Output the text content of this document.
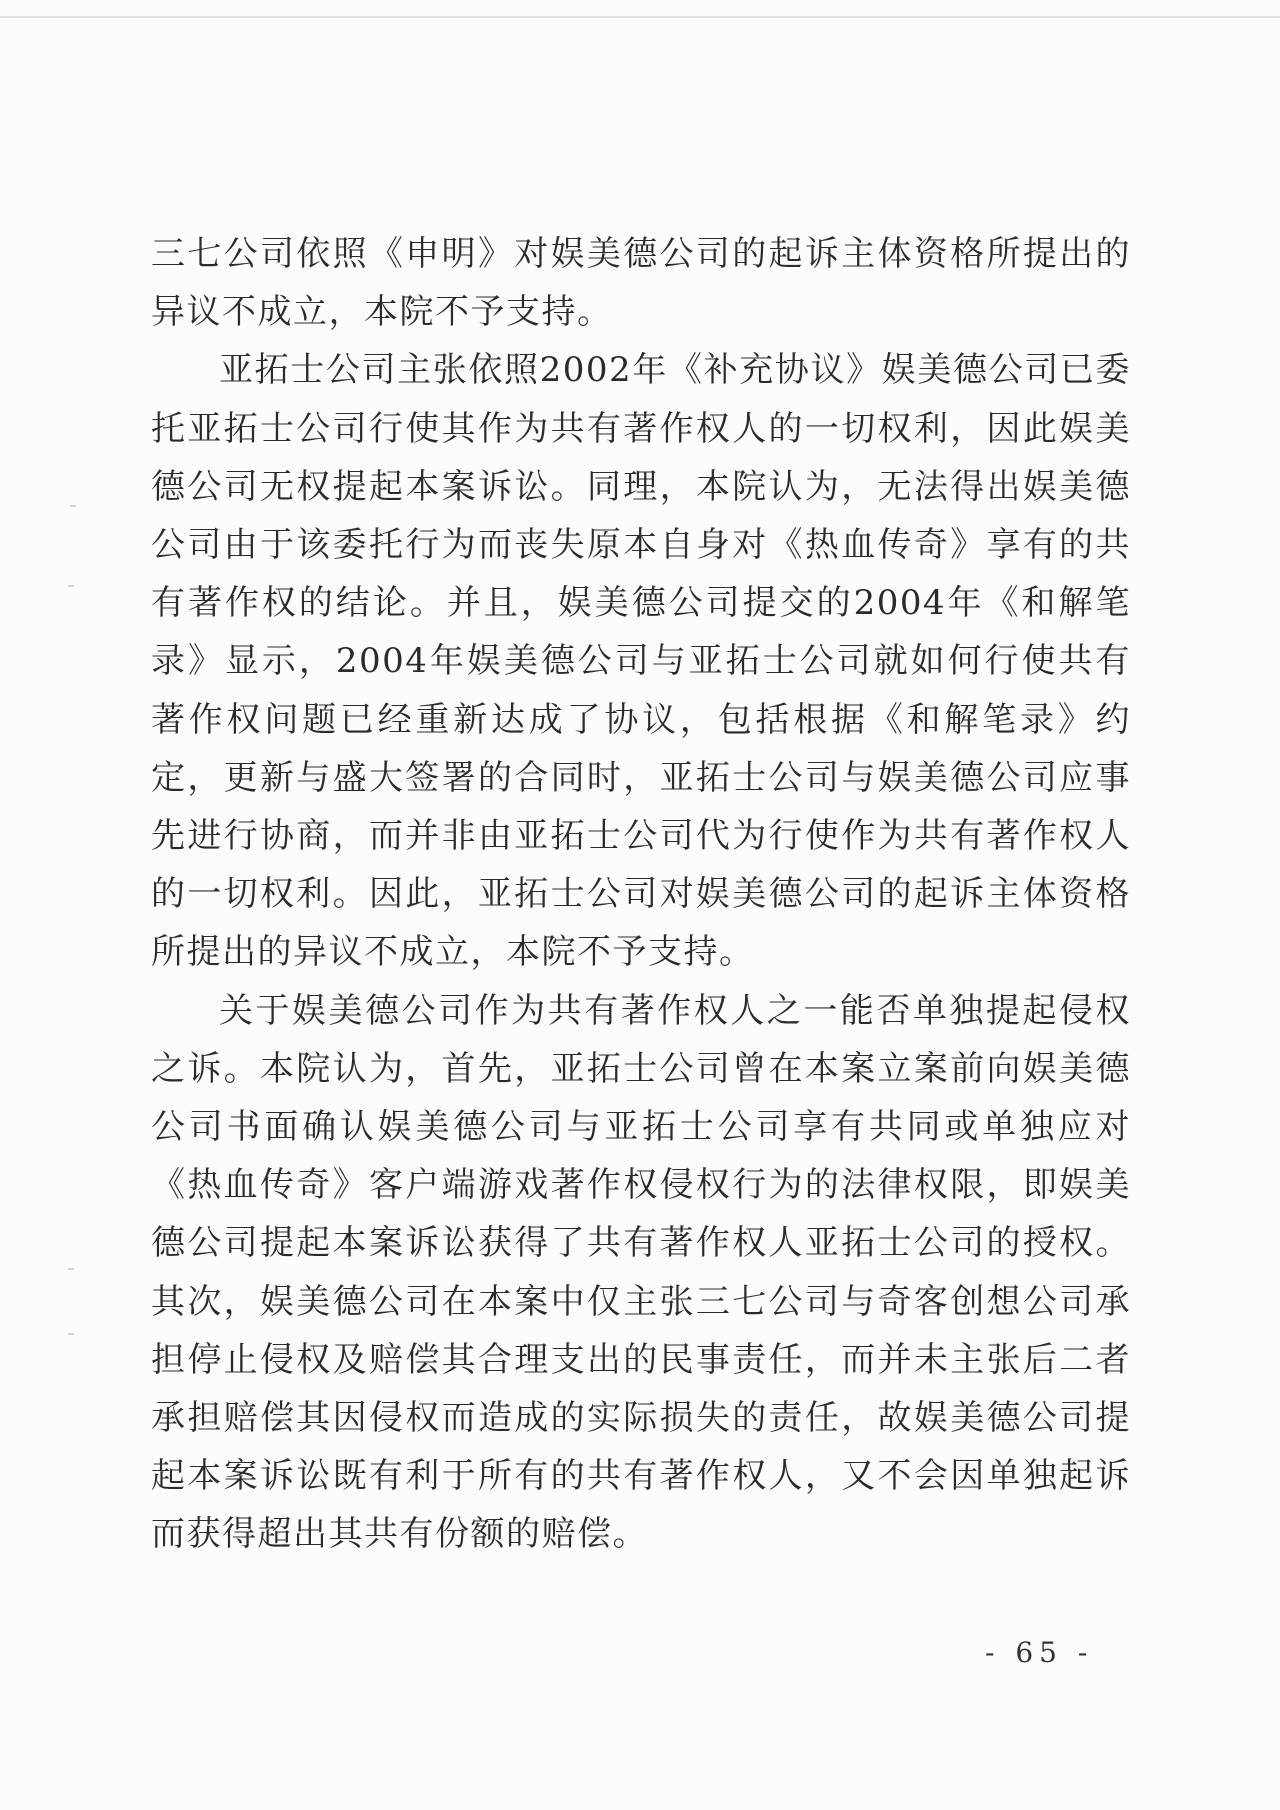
三七公司依照《申明》对娱美德公司的起诉主体资格所提出的异议不成立，本院不予支持。

亚拓士公司主张依照2002年《补充协议》娱美德公司已委托亚拓士公司行使其作为共有著作权人的一切权利，因此娱美德公司无权提起本案诉讼。同理，本院认为，无法得出娱美德公司由于该委托行为而丧失原本自身对《热血传奇》享有的共有著作权的结论。并且，娱美德公司提交的2004年《和解笔录》显示，2004年娱美德公司与亚拓士公司就如何行使共有著作权问题已经重新达成了协议，包括根据《和解笔录》约定，更新与盛大签署的合同时，亚拓士公司与娱美德公司应事先进行协商，而并非由亚拓士公司代为行使作为共有著作权人的一切权利。因此，亚拓士公司对娱美德公司的起诉主体资格所提出的异议不成立，本院不予支持。

关于娱美德公司作为共有著作权人之一能否单独提起侵权之诉。本院认为，首先，亚拓士公司曾在本案立案前向娱美德公司书面确认娱美德公司与亚拓士公司享有共同或单独应对《热血传奇》客户端游戏著作权侵权行为的法律权限，即娱美德公司提起本案诉讼获得了共有著作权人亚拓士公司的授权。其次，娱美德公司在本案中仅主张三七公司与奇客创想公司承担停止侵权及赔偿其合理支出的民事责任，而并未主张后二者承担赔偿其因侵权而造成的实际损失的责任，故娱美德公司提起本案诉讼既有利于所有的共有著作权人，又不会因单独起诉而获得超出其共有份额的赔偿。

- 65 -
